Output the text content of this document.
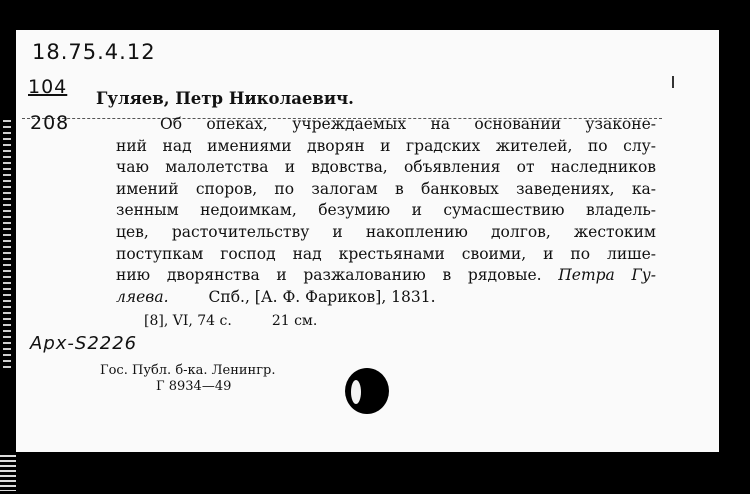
18.75.4.12
104
208
Гуляев, Петр Николаевич.
Об опеках, учреждаемых на основании узаконе-
ний над имениями дворян и градских жителей, по слу-
чаю малолетства и вдовства, объявления от наследников
имений споров, по залогам в банковых заведениях, ка-
зенным недоимкам, безумию и сумасшествию владель-
цев, расточительству и накоплению долгов, жестоким
поступкам господ над крестьянами своими, и по лише-
нию дворянства и разжалованию в рядовые. Петра Гу-
ляева.	Спб., [А. Ф. Фариков], 1831.
[8], VI, 74 с.	21 см.
Арх-S2226
Гос. Публ. б-ка. Ленингр.
Г 8934—49
